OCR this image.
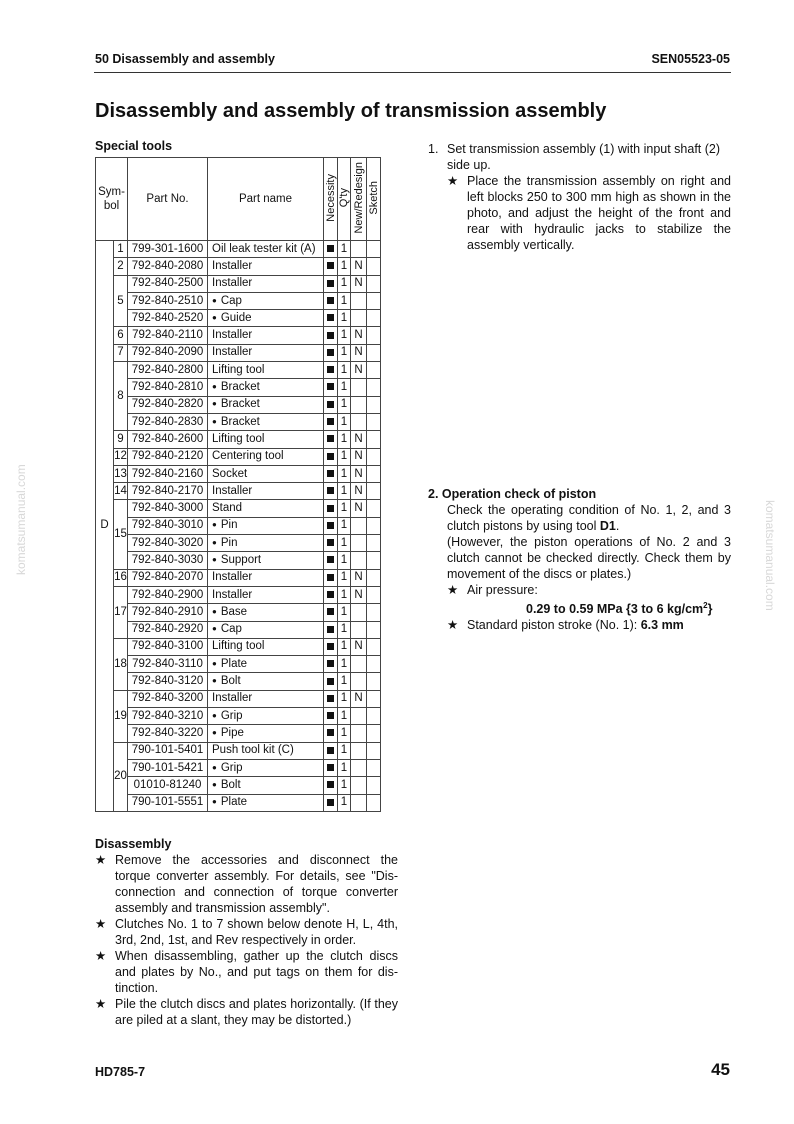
50 Disassembly and assembly	SEN05523-05
Disassembly and assembly of transmission assembly
Special tools
Sym-
bol		Part No.	Part name	Necessity	Q'ty	New/Redesign	Sketch
D	1	799-301-1600	Oil leak tester kit (A)		1		
	2	792-840-2080	Installer		1	N	
	5	792-840-2500	Installer		1	N	
		792-840-2510	● Cap		1		
		792-840-2520	● Guide		1		
	6	792-840-2110	Installer		1	N	
	7	792-840-2090	Installer		1	N	
	8	792-840-2800	Lifting tool		1	N	
		792-840-2810	● Bracket		1		
		792-840-2820	● Bracket		1		
		792-840-2830	● Bracket		1		
	9	792-840-2600	Lifting tool		1	N	
	12	792-840-2120	Centering tool		1	N	
	13	792-840-2160	Socket		1	N	
	14	792-840-2170	Installer		1	N	
	15	792-840-3000	Stand		1	N	
		792-840-3010	● Pin		1		
		792-840-3020	● Pin		1		
		792-840-3030	● Support		1		
	16	792-840-2070	Installer		1	N	
	17	792-840-2900	Installer		1	N	
		792-840-2910	● Base		1		
		792-840-2920	● Cap		1		
	18	792-840-3100	Lifting tool		1	N	
		792-840-3110	● Plate		1		
		792-840-3120	● Bolt		1		
	19	792-840-3200	Installer		1	N	
		792-840-3210	● Grip		1		
		792-840-3220	● Pipe		1		
	20	790-101-5401	Push tool kit (C)		1		
		790-101-5421	● Grip		1		
		01010-81240	● Bolt		1		
		790-101-5551	● Plate		1		
1. Set transmission assembly (1) with input shaft (2) side up.
★ Place the transmission assembly on right and left blocks 250 to 300 mm high as shown in the photo, and adjust the height of the front and rear with hydraulic jacks to stabilize the assembly vertically.
2. Operation check of piston
Check the operating condition of No. 1, 2, and 3 clutch pistons by using tool D1.
(However, the piston operations of No. 2 and 3 clutch cannot be checked directly. Check them by movement of the discs or plates.)
★ Air pressure:
0.29 to 0.59 MPa {3 to 6 $kg/cm^2$}
★ Standard piston stroke (No. 1): 6.3 mm
Disassembly
★ Remove the accessories and disconnect the torque converter assembly. For details, see "Dis-connection and connection of torque converter assembly and transmission assembly".
★ Clutches No. 1 to 7 shown below denote H, L, 4th, 3rd, 2nd, 1st, and Rev respectively in order.
★ When disassembling, gather up the clutch discs and plates by No., and put tags on them for dis-tinction.
★ Pile the clutch discs and plates horizontally. (If they are piled at a slant, they may be distorted.)
komatsumanual.com	komatsumanual.com
HD785-7	45
